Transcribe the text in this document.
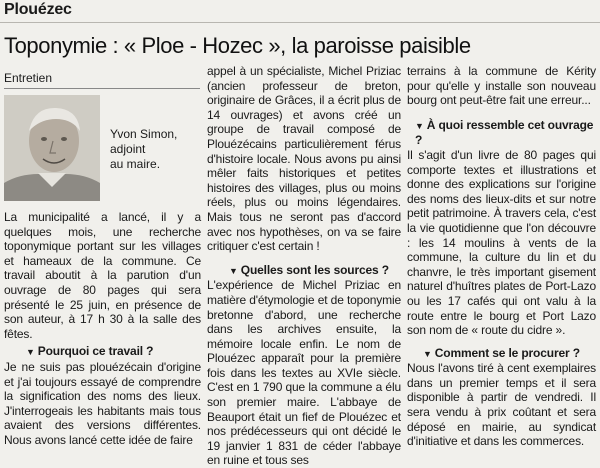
Plouézec
Toponymie : « Ploe - Hozec », la paroisse paisible
Entretien
Yvon Simon,
adjoint
au maire.

La municipalité a lancé, il y a quelques mois, une recherche toponymique portant sur les villages et hameaux de la commune. Ce travail aboutit à la parution d'un ouvrage de 80 pages qui sera présenté le 25 juin, en présence de son auteur, à 17 h 30 à la salle des fêtes.

▼ Pourquoi ce travail ?

Je ne suis pas plouézécain d'origine et j'ai toujours essayé de comprendre la signification des noms des lieux. J'interrogeais les habitants mais tous avaient des versions différentes. Nous avons lancé cette idée de faire

appel à un spécialiste, Michel Priziac (ancien professeur de breton, originaire de Grâces, il a écrit plus de 14 ouvrages) et avons créé un groupe de travail composé de Plouézécains particulièrement férus d'histoire locale. Nous avons pu ainsi mêler faits historiques et petites histoires des villages, plus ou moins réels, plus ou moins légendaires. Mais tous ne seront pas d'accord avec nos hypothèses, on va se faire critiquer c'est certain !

▼ Quelles sont les sources ?

L'expérience de Michel Priziac en matière d'étymologie et de toponymie bretonne d'abord, une recherche dans les archives ensuite, la mémoire locale enfin. Le nom de Plouézec apparaît pour la première fois dans les textes au XVIe siècle. C'est en 1 790 que la commune a élu son premier maire. L'abbaye de Beauport était un fief de Plouézec et nos prédécesseurs qui ont décidé le 19 janvier 1 831 de céder l'abbaye en ruine et tous ses

terrains à la commune de Kérity pour qu'elle y installe son nouveau bourg ont peut-être fait une erreur...

▼ À quoi ressemble cet ouvrage ?

Il s'agit d'un livre de 80 pages qui comporte textes et illustrations et donne des explications sur l'origine des noms des lieux-dits et sur notre petit patrimoine. À travers cela, c'est la vie quotidienne que l'on découvre : les 14 moulins à vents de la commune, la culture du lin et du chanvre, le très important gisement naturel d'huîtres plates de Port-Lazo ou les 17 cafés qui ont valu à la route entre le bourg et Port Lazo son nom de « route du cidre ».

▼ Comment se le procurer ?

Nous l'avons tiré à cent exemplaires dans un premier temps et il sera disponible à partir de vendredi. Il sera vendu à prix coûtant et sera déposé en mairie, au syndicat d'initiative et dans les commerces.
